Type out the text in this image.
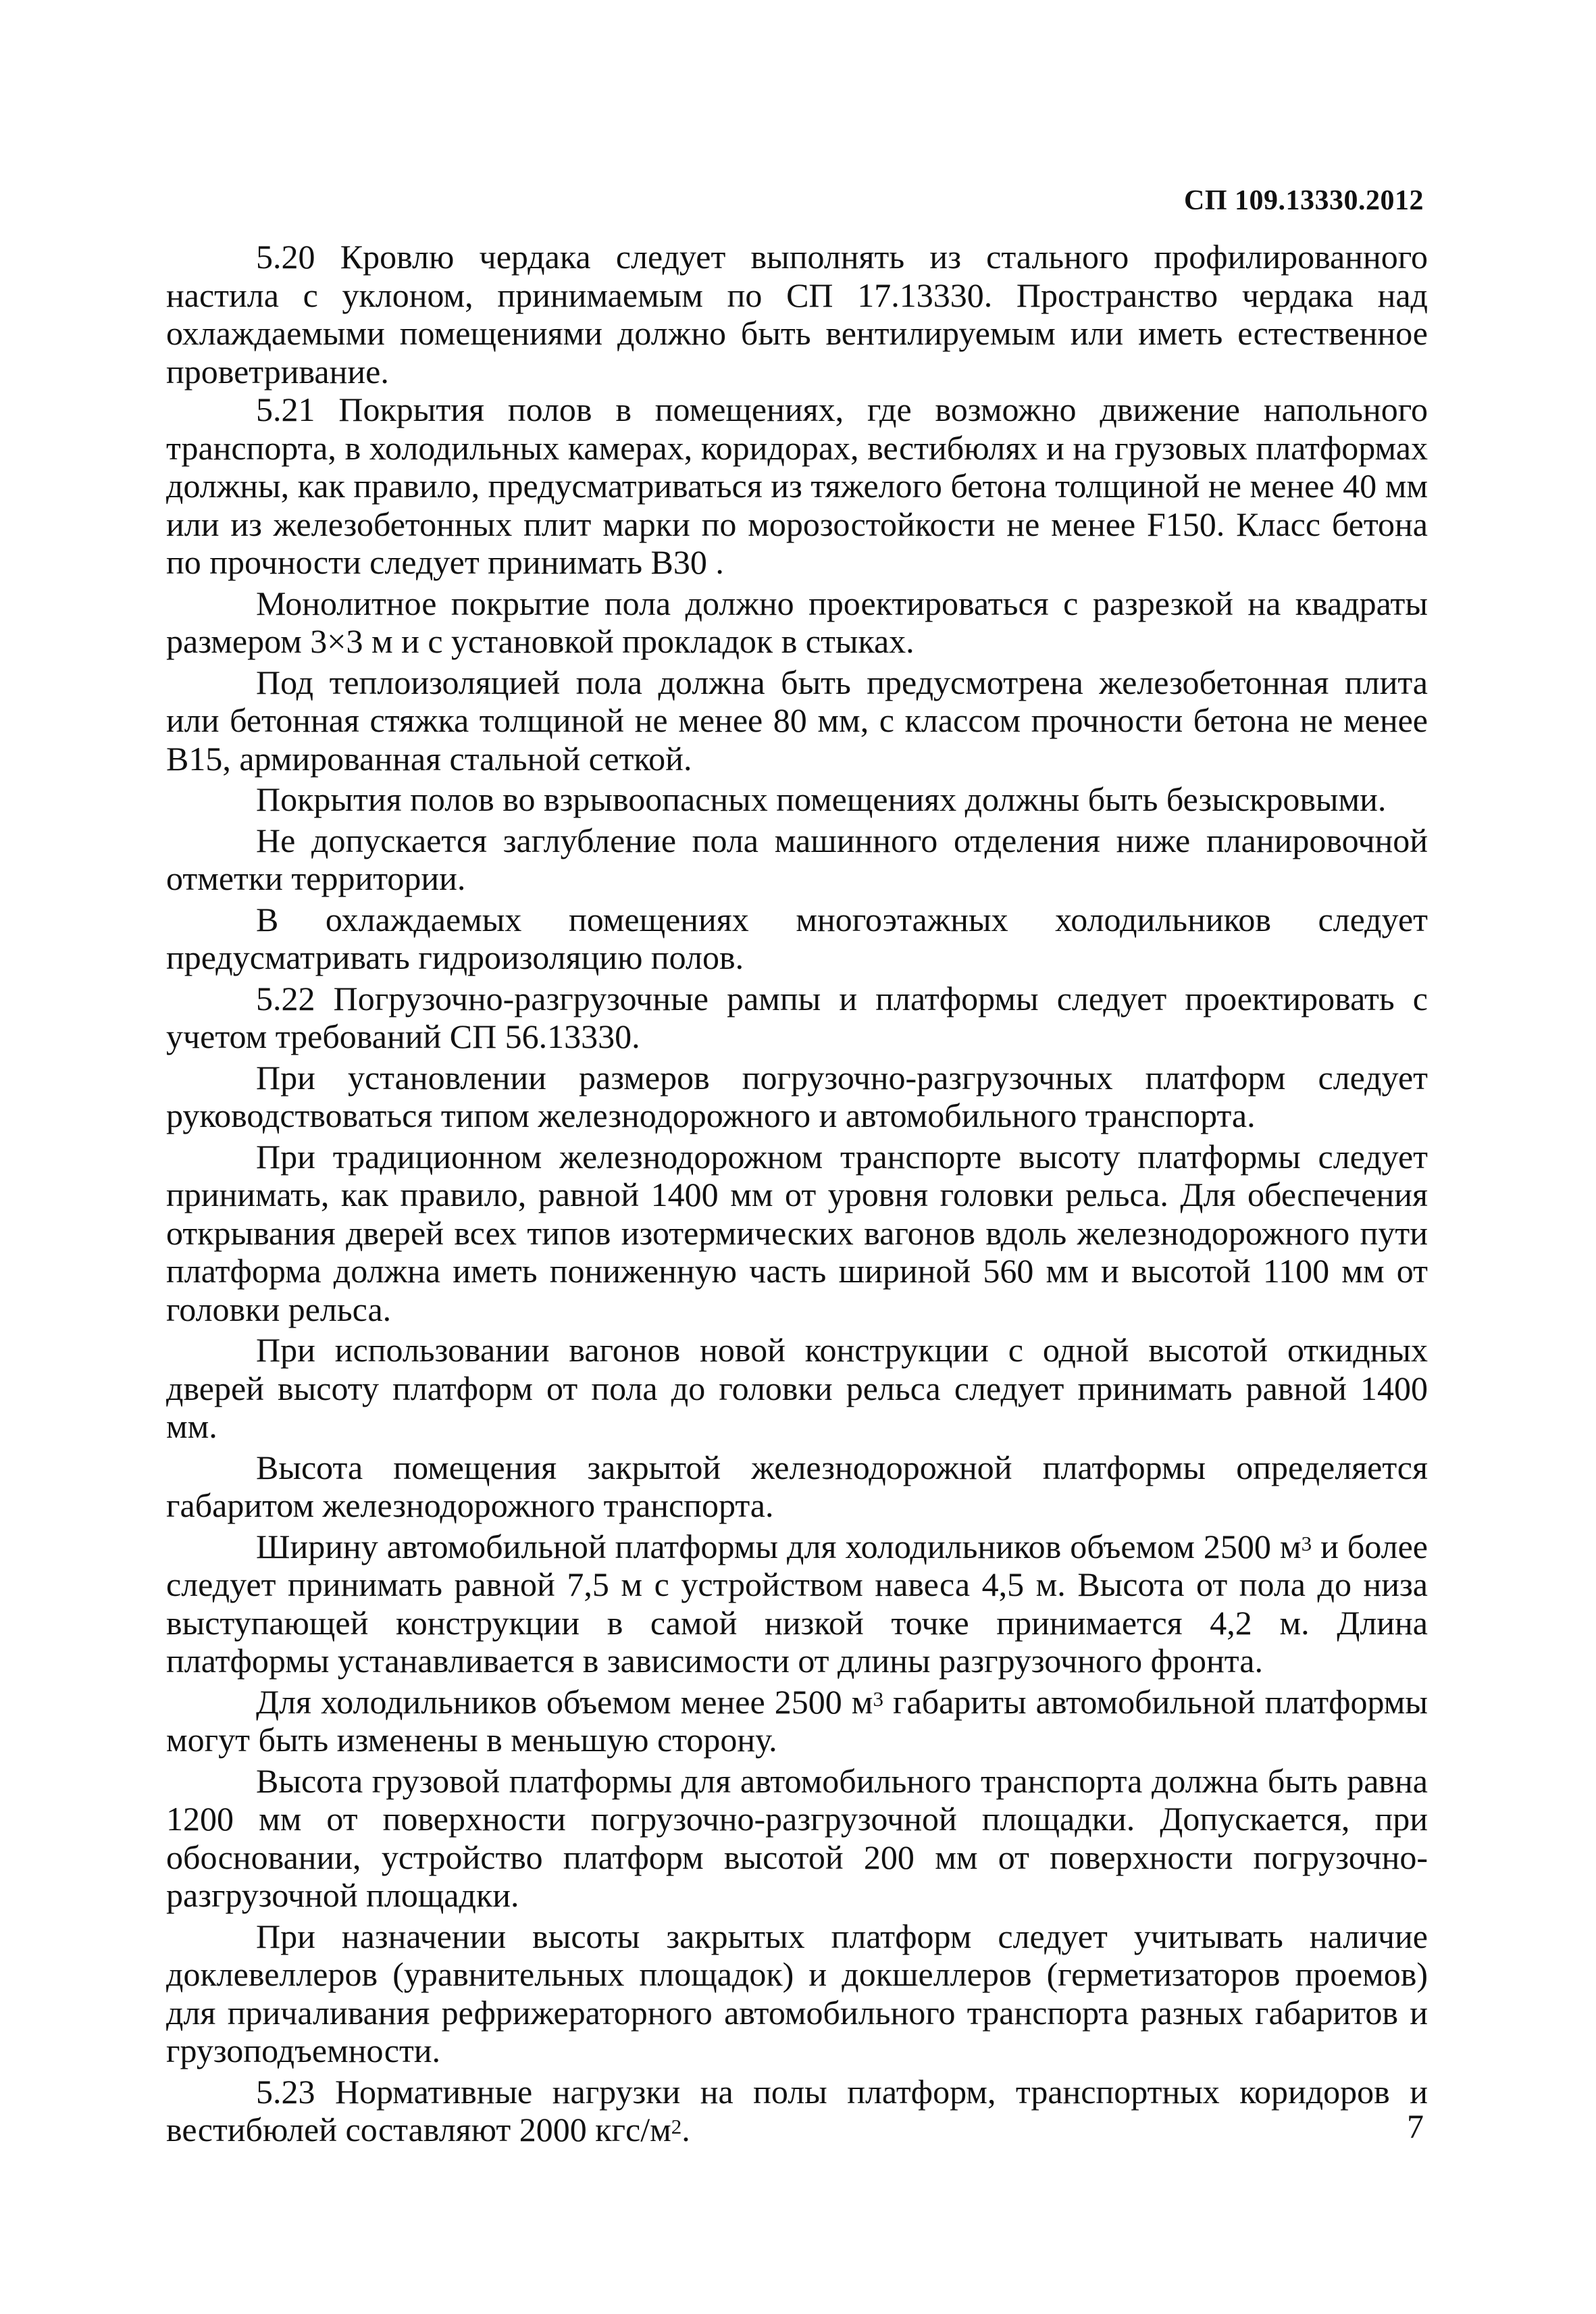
СП 109.13330.2012

5.20 Кровлю чердака следует выполнять из стального профилированного настила с уклоном, принимаемым по СП 17.13330. Пространство чердака над охлаждаемыми помещениями должно быть вентилируемым или иметь естественное проветривание.

5.21 Покрытия полов в помещениях, где возможно движение напольного транспорта, в холодильных камерах, коридорах, вестибюлях и на грузовых платформах должны, как правило, предусматриваться из тяжелого бетона толщиной не менее 40 мм или из железобетонных плит марки по морозостойкости не менее F150. Класс бетона по прочности следует принимать В30 .

Монолитное покрытие пола должно проектироваться с разрезкой на квадраты размером 3×3 м и с установкой прокладок в стыках.

Под теплоизоляцией пола должна быть предусмотрена железобетонная плита или бетонная стяжка толщиной не менее 80 мм, с классом прочности бетона не менее В15, армированная стальной сеткой.

Покрытия полов во взрывоопасных помещениях должны быть безыскровыми.

Не допускается заглубление пола машинного отделения ниже планировочной отметки территории.

В охлаждаемых помещениях многоэтажных холодильников следует предусматривать гидроизоляцию полов.

5.22 Погрузочно-разгрузочные рампы и платформы следует проектировать с учетом требований СП 56.13330.

При установлении размеров погрузочно-разгрузочных платформ следует руководствоваться типом железнодорожного и автомобильного транспорта.

При традиционном железнодорожном транспорте высоту платформы следует принимать, как правило, равной 1400 мм от уровня головки рельса. Для обеспечения открывания дверей всех типов изотермических вагонов вдоль железнодорожного пути платформа должна иметь пониженную часть шириной 560 мм и высотой 1100 мм от головки рельса.

При использовании вагонов новой конструкции с одной высотой откидных дверей высоту платформ от пола до головки рельса следует принимать равной 1400 мм.

Высота помещения закрытой железнодорожной платформы определяется габаритом железнодорожного транспорта.

Ширину автомобильной платформы для холодильников объемом 2500 $м^3$ и более следует принимать равной 7,5 м с устройством навеса 4,5 м. Высота от пола до низа выступающей конструкции в самой низкой точке принимается 4,2 м. Длина платформы устанавливается в зависимости от длины разгрузочного фронта.

Для холодильников объемом менее 2500 $м^3$ габариты автомобильной платформы могут быть изменены в меньшую сторону.

Высота грузовой платформы для автомобильного транспорта должна быть равна 1200 мм от поверхности погрузочно-разгрузочной площадки. Допускается, при обосновании, устройство платформ высотой 200 мм от поверхности погрузочно-разгрузочной площадки.

При назначении высоты закрытых платформ следует учитывать наличие доклевеллеров (уравнительных площадок) и докшеллеров (герметизаторов проемов) для причаливания рефрижераторного автомобильного транспорта разных габаритов и грузоподъемности.

5.23 Нормативные нагрузки на полы платформ, транспортных коридоров и вестибюлей составляют 2000 кгс/$м^2$.	7
